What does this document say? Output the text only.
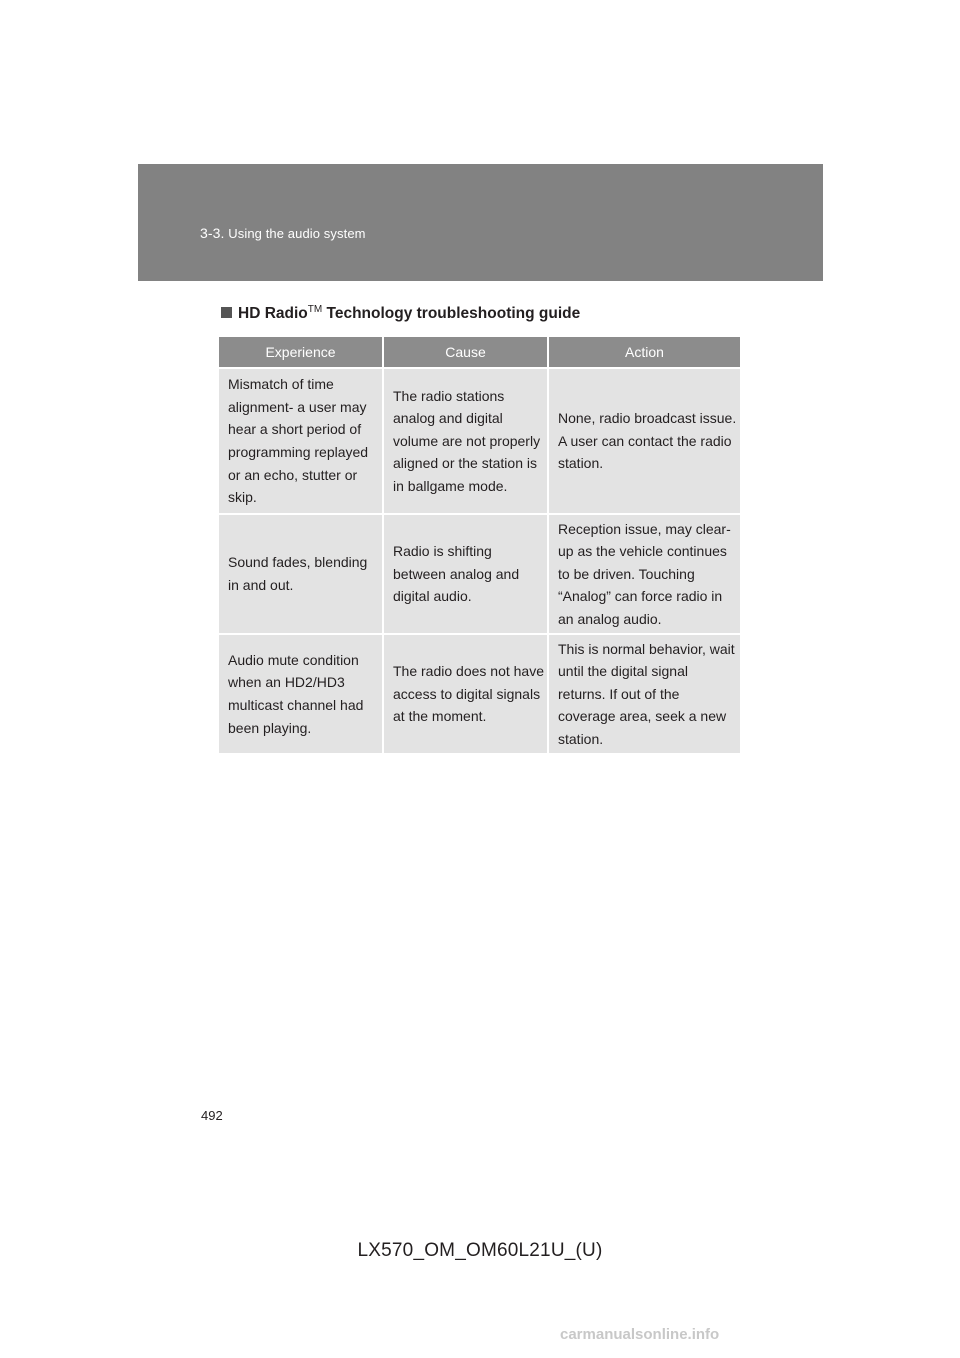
3-3. Using the audio system
HD Radio™ Technology troubleshooting guide
Experience	Cause	Action
Mismatch of time alignment- a user may hear a short period of programming replayed or an echo, stutter or skip.	The radio stations analog and digital volume are not properly aligned or the station is in ballgame mode.	None, radio broadcast issue. A user can contact the radio station.
Sound fades, blending in and out.	Radio is shifting between analog and digital audio.	Reception issue, may clear-up as the vehicle continues to be driven. Touching “Analog” can force radio in an analog audio.
Audio mute condition when an HD2/HD3 multicast channel had been playing.	The radio does not have access to digital signals at the moment.	This is normal behavior, wait until the digital signal returns. If out of the coverage area, seek a new station.
492
LX570_OM_OM60L21U_(U)
carmanualsonline.info
